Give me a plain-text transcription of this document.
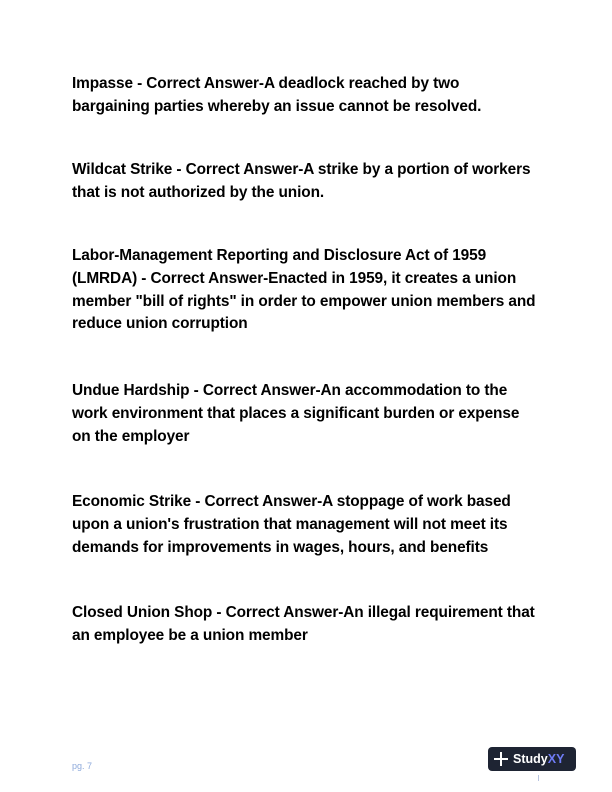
Impasse - Correct Answer-A deadlock reached by two bargaining parties whereby an issue cannot be resolved.

Wildcat Strike - Correct Answer-A strike by a portion of workers that is not authorized by the union.

Labor-Management Reporting and Disclosure Act of 1959 (LMRDA) - Correct Answer-Enacted in 1959, it creates a union member "bill of rights" in order to empower union members and reduce union corruption

Undue Hardship - Correct Answer-An accommodation to the work environment that places a significant burden or expense on the employer

Economic Strike - Correct Answer-A stoppage of work based upon a union's frustration that management will not meet its demands for improvements in wages, hours, and benefits

Closed Union Shop - Correct Answer-An illegal requirement that an employee be a union member

pg. 7	Study XY
